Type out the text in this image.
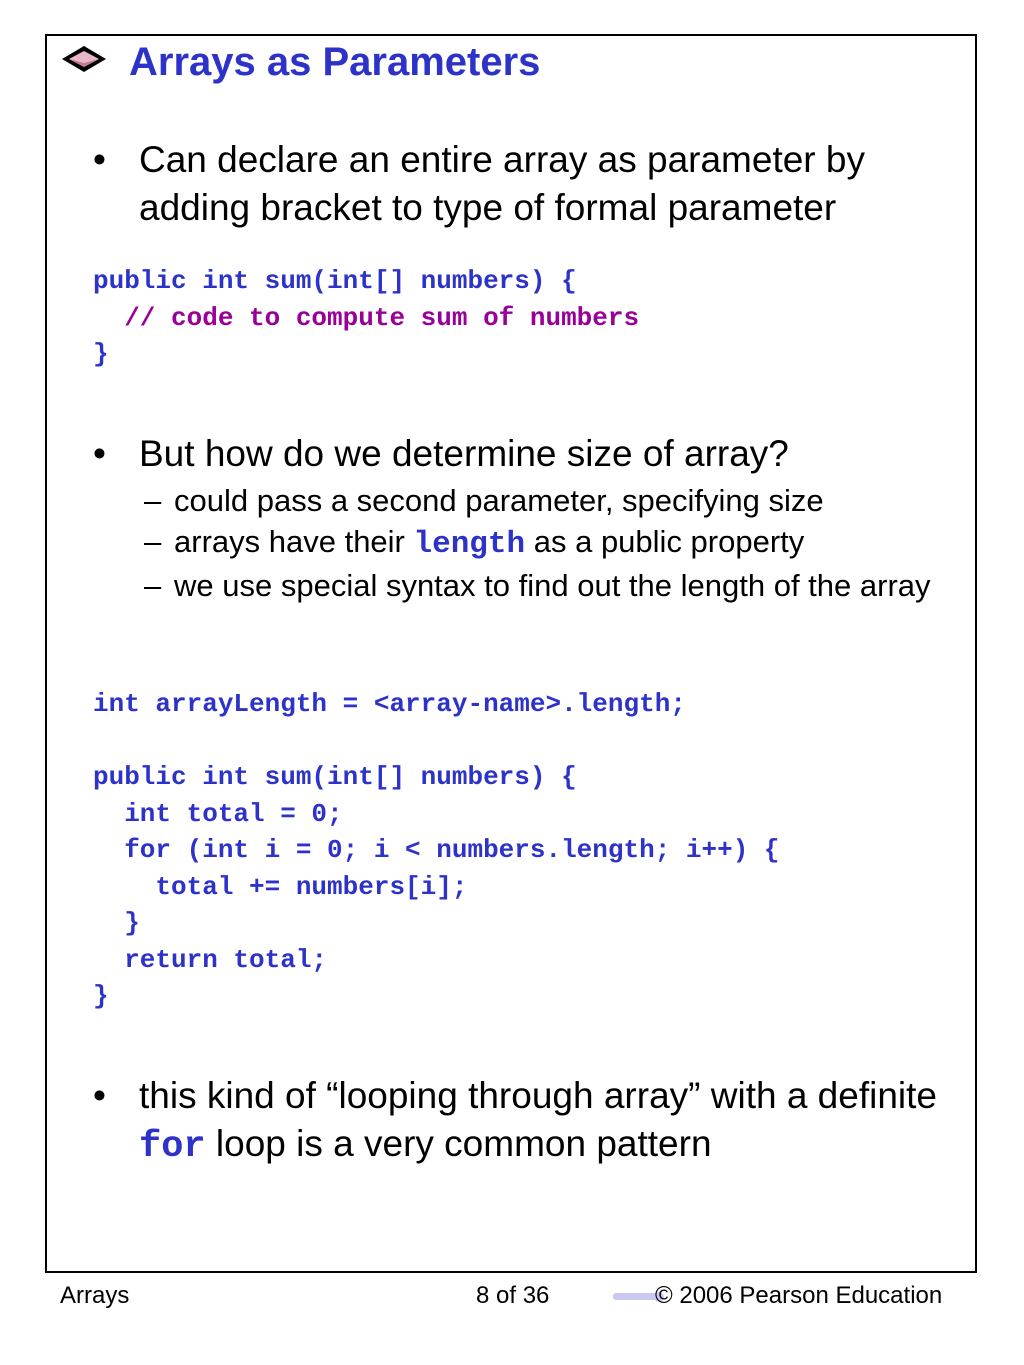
Arrays as Parameters
• Can declare an entire array as parameter by adding bracket to type of formal parameter
public int sum(int[] numbers) {
// code to compute sum of numbers
}
• But how do we determine size of array?
– could pass a second parameter, specifying size
– arrays have their length as a public property
– we use special syntax to find out the length of the array
int arrayLength = <array-name>.length;

public int sum(int[] numbers) {
int total = 0;
for (int i = 0; i < numbers.length; i++) {
total += numbers[i];
}
return total;
}
• this kind of “looping through array” with a definite for loop is a very common pattern
Arrays	8 of 36	© 2006 Pearson Education
